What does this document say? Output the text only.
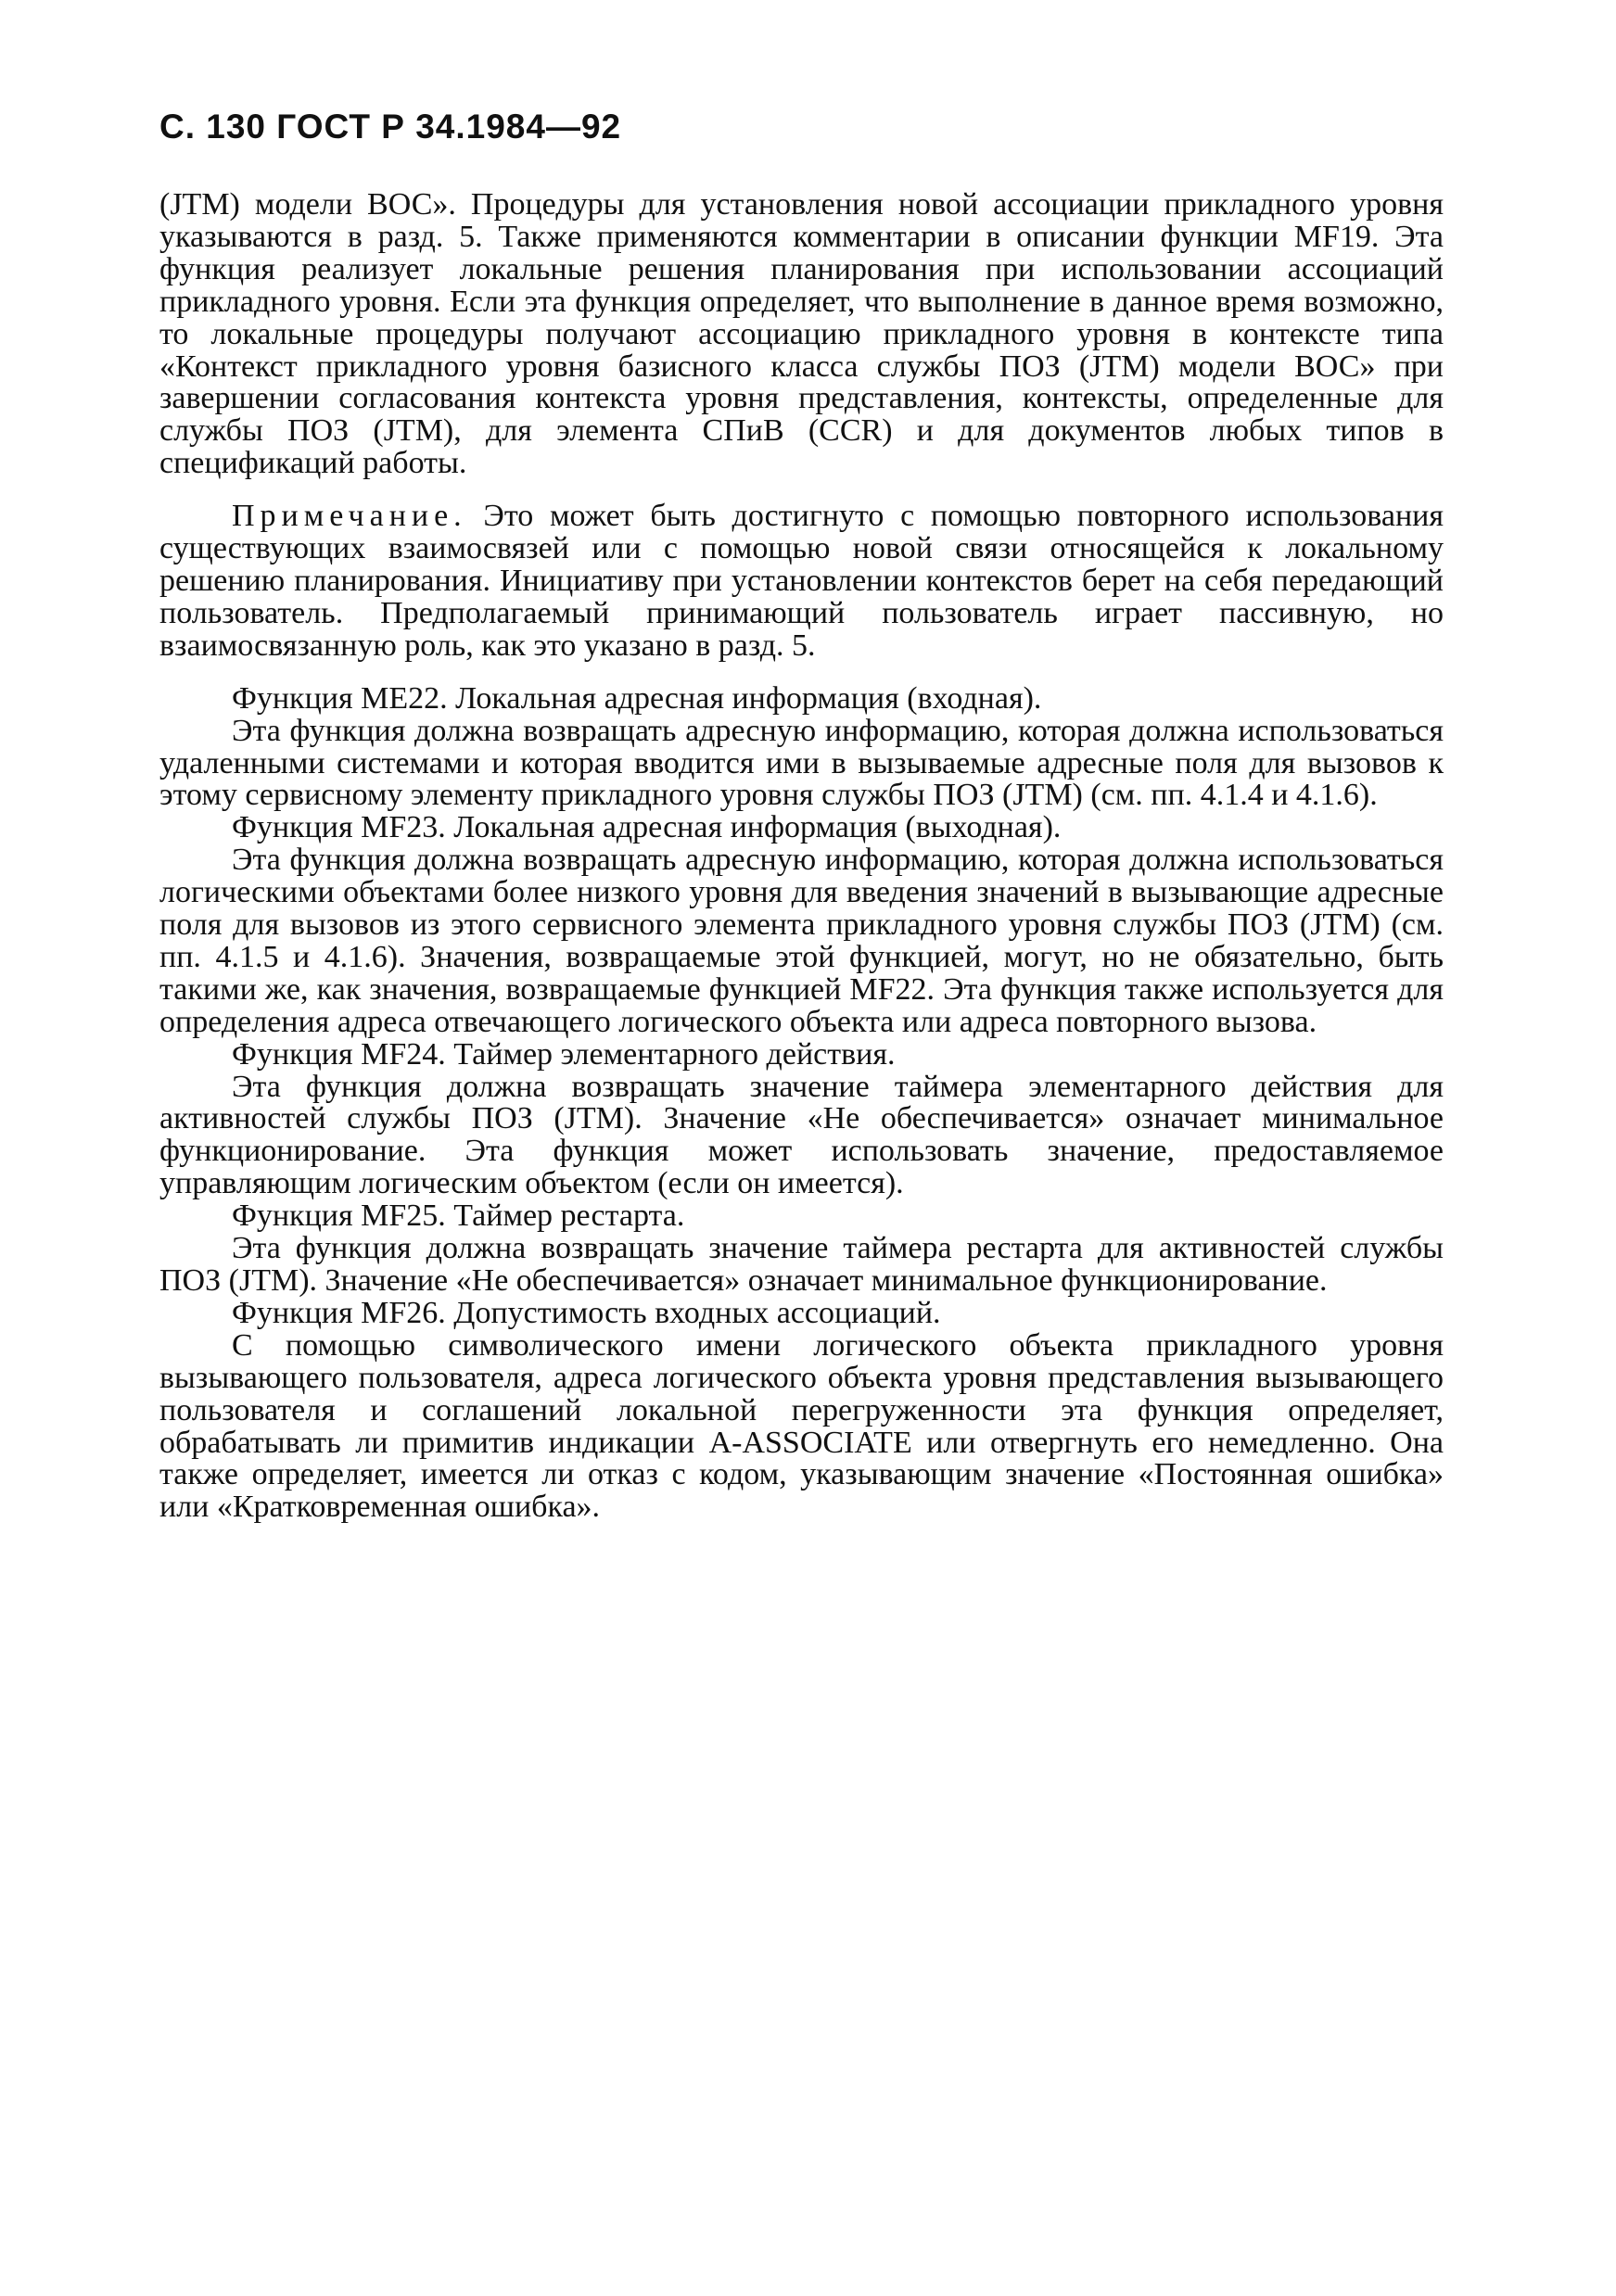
С. 130 ГОСТ Р 34.1984—92

(JTM) модели ВОС». Процедуры для установления новой ассоциации прикладного уровня указываются в разд. 5. Также применяются комментарии в описании функции MF19. Эта функция реализует локальные решения планирования при использовании ассоциаций прикладного уровня. Если эта функция определяет, что выполнение в данное время возможно, то локальные процедуры получают ассоциацию прикладного уровня в контексте типа «Контекст прикладного уровня базисного класса службы ПОЗ (JTM) модели ВОС» при завершении согласования контекста уровня представления, контексты, определенные для службы ПОЗ (JTM), для элемента СПиВ (CCR) и для документов любых типов в спецификаций работы.

Примечание. Это может быть достигнуто с помощью повторного использования существующих взаимосвязей или с помощью новой связи относящейся к локальному решению планирования. Инициативу при установлении контекстов берет на себя передающий пользователь. Предполагаемый принимающий пользователь играет пассивную, но взаимосвязанную роль, как это указано в разд. 5.

Функция ME22. Локальная адресная информация (входная).

Эта функция должна возвращать адресную информацию, которая должна использоваться удаленными системами и которая вводится ими в вызываемые адресные поля для вызовов к этому сервисному элементу прикладного уровня службы ПОЗ (JTM) (см. пп. 4.1.4 и 4.1.6).

Функция MF23. Локальная адресная информация (выходная).

Эта функция должна возвращать адресную информацию, которая должна использоваться логическими объектами более низкого уровня для введения значений в вызывающие адресные поля для вызовов из этого сервисного элемента прикладного уровня службы ПОЗ (JTM) (см. пп. 4.1.5 и 4.1.6). Значения, возвращаемые этой функцией, могут, но не обязательно, быть такими же, как значения, возвращаемые функцией MF22. Эта функция также используется для определения адреса отвечающего логического объекта или адреса повторного вызова.

Функция MF24. Таймер элементарного действия.

Эта функция должна возвращать значение таймера элементарного действия для активностей службы ПОЗ (JTM). Значение «Не обеспечивается» означает минимальное функционирование. Эта функция может использовать значение, предоставляемое управляющим логическим объектом (если он имеется).

Функция MF25. Таймер рестарта.

Эта функция должна возвращать значение таймера рестарта для активностей службы ПОЗ (JTM). Значение «Не обеспечивается» означает минимальное функционирование.

Функция MF26. Допустимость входных ассоциаций.

С помощью символического имени логического объекта прикладного уровня вызывающего пользователя, адреса логического объекта уровня представления вызывающего пользователя и соглашений локальной перегруженности эта функция определяет, обрабатывать ли примитив индикации A-ASSOCIATE или отвергнуть его немедленно. Она также определяет, имеется ли отказ с кодом, указывающим значение «Постоянная ошибка» или «Кратковременная ошибка».
